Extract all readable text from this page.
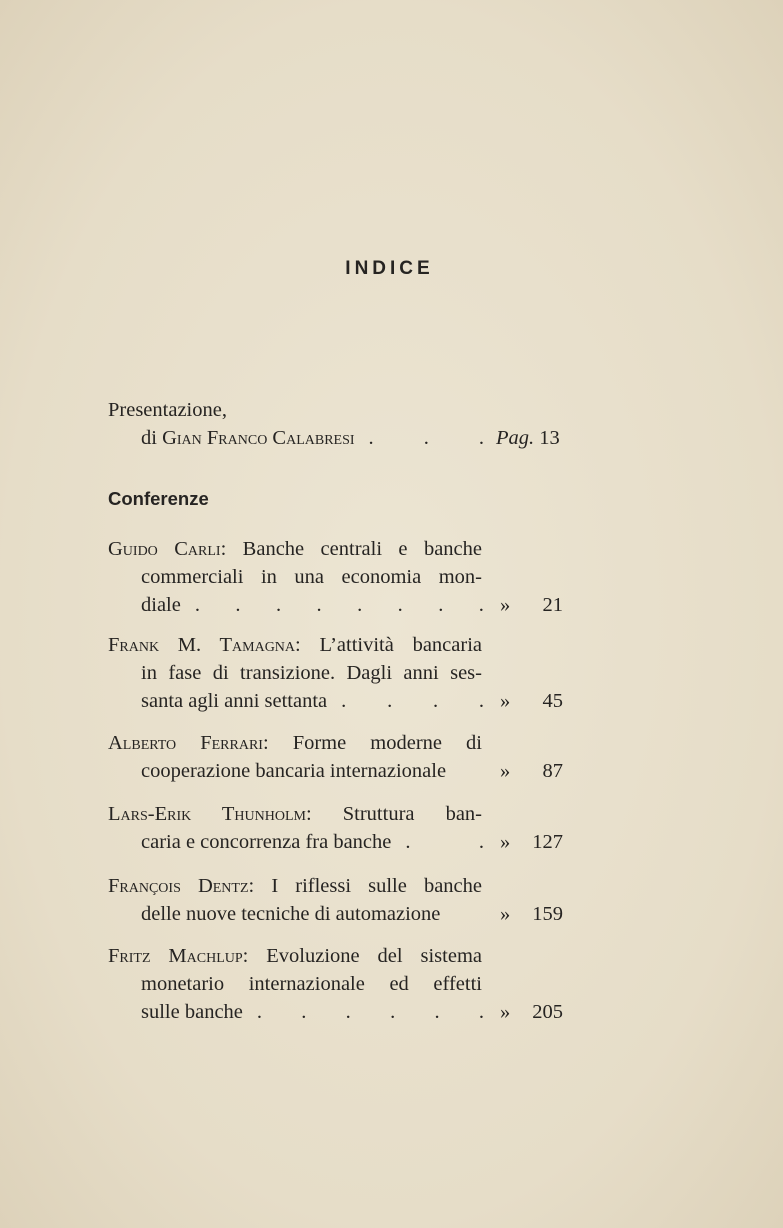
INDICE
Presentazione,
di Gian Franco Calabresi . . . Pag. 13
Conferenze
Guido Carli: Banche centrali e banche
commerciali in una economia mon-
diale . . . . . . . . » 21
Frank M. Tamagna: L’attività bancaria
in fase di transizione. Dagli anni ses-
santa agli anni settanta . . . . » 45
Alberto Ferrari: Forme moderne di
cooperazione bancaria internazionale	» 87
Lars-Erik Thunholm: Struttura ban-
caria e concorrenza fra banche .	. » 127
François Dentz: I riflessi sulle banche
delle nuove tecniche di automazione	» 159
Fritz Machlup: Evoluzione del sistema
monetario internazionale ed effetti
sulle banche . . . . . . » 205
